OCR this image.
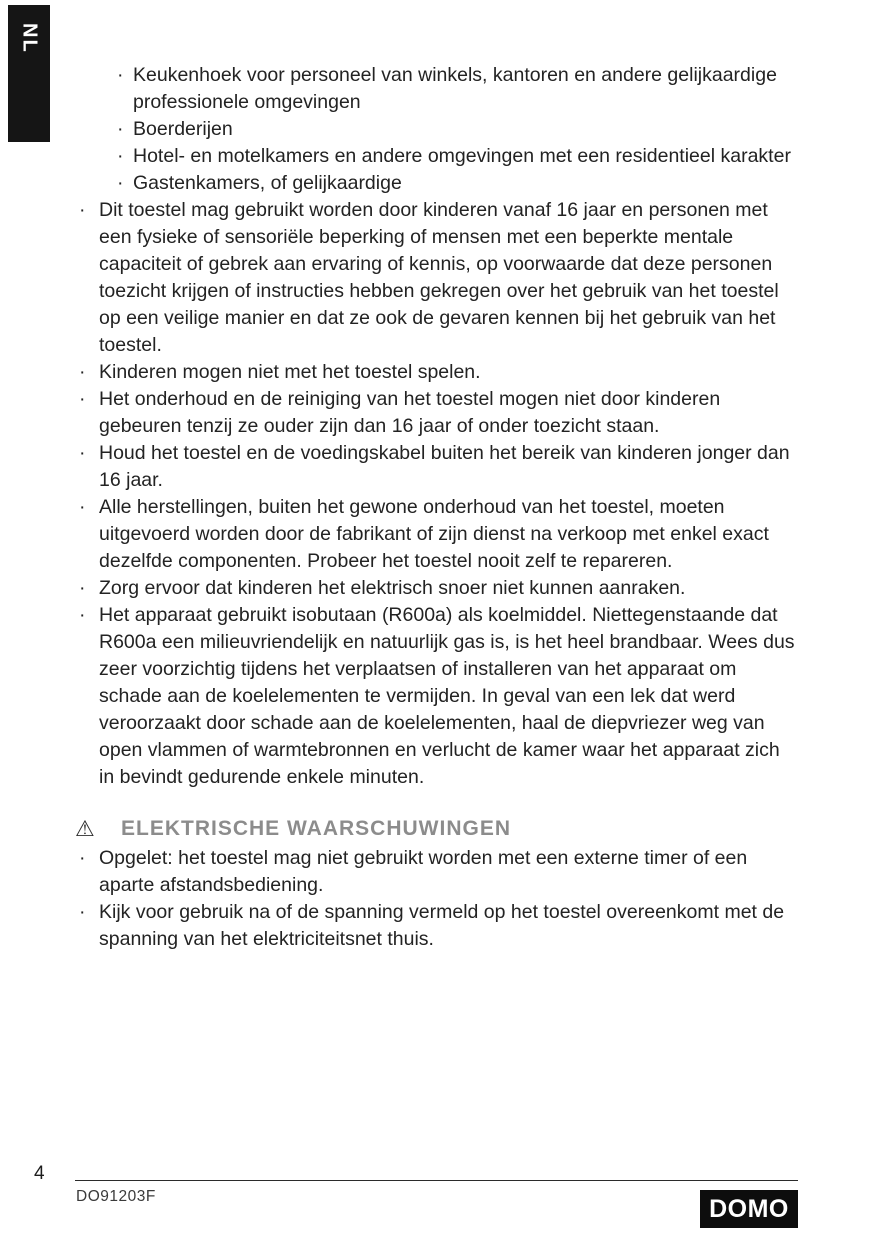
NL
· Keukenhoek voor personeel van winkels, kantoren en andere gelijkaardige professionele omgevingen
· Boerderijen
· Hotel- en motelkamers en andere omgevingen met een residentieel karakter
· Gastenkamers, of gelijkaardige
· Dit toestel mag gebruikt worden door kinderen vanaf 16 jaar en personen met een fysieke of sensoriële beperking of mensen met een beperkte mentale capaciteit of gebrek aan ervaring of kennis, op voorwaarde dat deze personen toezicht krijgen of instructies hebben gekregen over het gebruik van het toestel op een veilige manier en dat ze ook de gevaren kennen bij het gebruik van het toestel.
· Kinderen mogen niet met het toestel spelen.
· Het onderhoud en de reiniging van het toestel mogen niet door kinderen gebeuren tenzij ze ouder zijn dan 16 jaar of onder toezicht staan.
· Houd het toestel en de voedingskabel buiten het bereik van kinderen jonger dan 16 jaar.
· Alle herstellingen, buiten het gewone onderhoud van het toestel, moeten uitgevoerd worden door de fabrikant of zijn dienst na verkoop met enkel exact dezelfde componenten. Probeer het toestel nooit zelf te repareren.
· Zorg ervoor dat kinderen het elektrisch snoer niet kunnen aanraken.
· Het apparaat gebruikt isobutaan (R600a) als koelmiddel. Niettegenstaande dat R600a een milieuvriendelijk en natuurlijk gas is, is het heel brandbaar. Wees dus zeer voorzichtig tijdens het verplaatsen of installeren van het apparaat om schade aan de koelelementen te vermijden. In geval van een lek dat werd veroorzaakt door schade aan de koelelementen, haal de diepvriezer weg van open vlammen of warmtebronnen en verlucht de kamer waar het apparaat zich in bevindt gedurende enkele minuten.
⚠	ELEKTRISCHE WAARSCHUWINGEN
· Opgelet: het toestel mag niet gebruikt worden met een externe timer of een aparte afstandsbediening.
· Kijk voor gebruik na of de spanning vermeld op het toestel overeenkomt met de spanning van het elektriciteitsnet thuis.
4
DO91203F	DOMO
